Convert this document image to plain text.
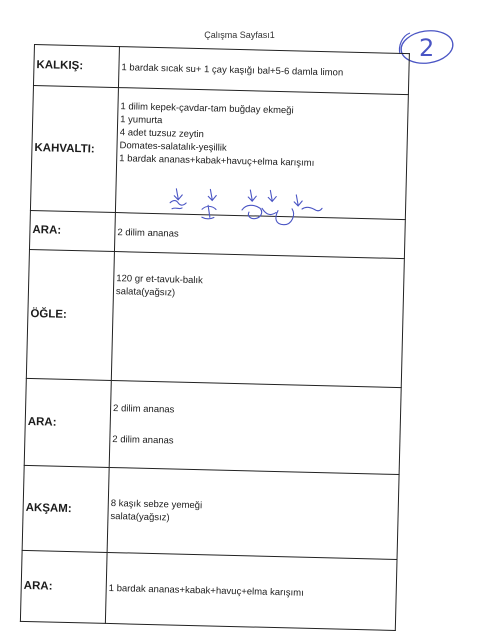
Çalışma Sayfası1	2
KALKIŞ:	1 bardak sıcak su+ 1 çay kaşığı bal+5-6 damla limon

KAHVALTI:	1 dilim kepek-çavdar-tam buğday ekmeği
1 yumurta
4 adet tuzsuz zeytin
Domates-salatalık-yeşillik
1 bardak ananas+kabak+havuç+elma karışımı

ARA:	2 dilim ananas

ÖĞLE:	120 gr et-tavuk-balık
salata(yağsız)

ARA:	2 dilim ananas
2 dilim ananas

AKŞAM:	8 kaşık sebze yemeği
salata(yağsız)

ARA:	1 bardak ananas+kabak+havuç+elma karışımı
